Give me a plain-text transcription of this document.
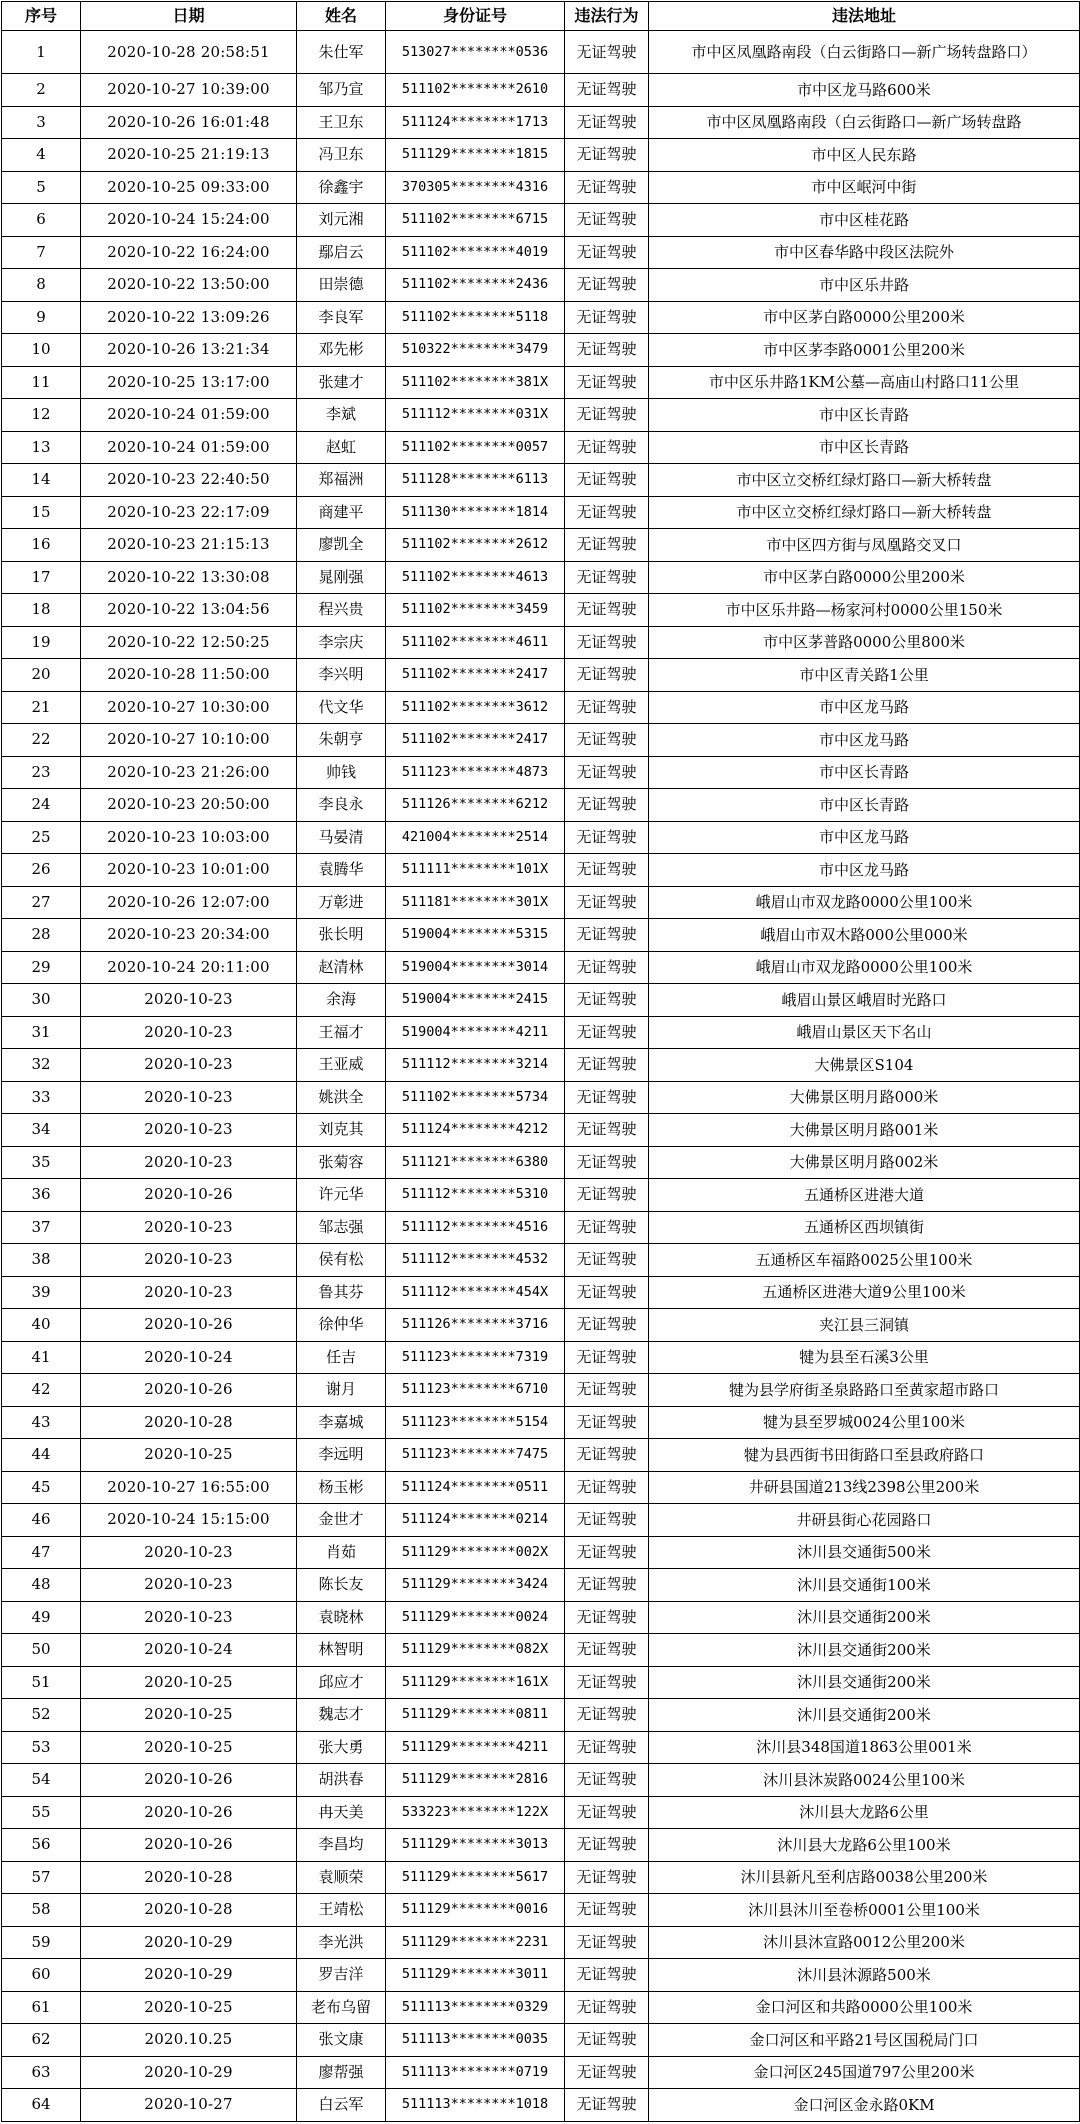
序号	日期	姓名	身份证号	违法行为	违法地址
1	2020-10-28 20:58:51	朱仕军	513027********0536	无证驾驶	市中区凤凰路南段（白云街路口—新广场转盘路口）
2	2020-10-27 10:39:00	邹乃宣	511102********2610	无证驾驶	市中区龙马路600米
3	2020-10-26 16:01:48	王卫东	511124********1713	无证驾驶	市中区凤凰路南段（白云街路口—新广场转盘路
4	2020-10-25 21:19:13	冯卫东	511129********1815	无证驾驶	市中区人民东路
5	2020-10-25 09:33:00	徐鑫宇	370305********4316	无证驾驶	市中区岷河中街
6	2020-10-24 15:24:00	刘元湘	511102********6715	无证驾驶	市中区桂花路
7	2020-10-22 16:24:00	鄢启云	511102********4019	无证驾驶	市中区春华路中段区法院外
8	2020-10-22 13:50:00	田崇德	511102********2436	无证驾驶	市中区乐井路
9	2020-10-22 13:09:26	李良军	511102********5118	无证驾驶	市中区茅白路0000公里200米
10	2020-10-26 13:21:34	邓先彬	510322********3479	无证驾驶	市中区茅李路0001公里200米
11	2020-10-25 13:17:00	张建才	511102********381X	无证驾驶	市中区乐井路1KM公墓—高庙山村路口11公里
12	2020-10-24 01:59:00	李斌	511112********031X	无证驾驶	市中区长青路
13	2020-10-24 01:59:00	赵虹	511102********0057	无证驾驶	市中区长青路
14	2020-10-23 22:40:50	郑福洲	511128********6113	无证驾驶	市中区立交桥红绿灯路口—新大桥转盘
15	2020-10-23 22:17:09	商建平	511130********1814	无证驾驶	市中区立交桥红绿灯路口—新大桥转盘
16	2020-10-23 21:15:13	廖凯全	511102********2612	无证驾驶	市中区四方街与凤凰路交叉口
17	2020-10-22 13:30:08	晁刚强	511102********4613	无证驾驶	市中区茅白路0000公里200米
18	2020-10-22 13:04:56	程兴贵	511102********3459	无证驾驶	市中区乐井路—杨家河村0000公里150米
19	2020-10-22 12:50:25	李宗庆	511102********4611	无证驾驶	市中区茅普路0000公里800米
20	2020-10-28 11:50:00	李兴明	511102********2417	无证驾驶	市中区青关路1公里
21	2020-10-27 10:30:00	代文华	511102********3612	无证驾驶	市中区龙马路
22	2020-10-27 10:10:00	朱朝亨	511102********2417	无证驾驶	市中区龙马路
23	2020-10-23 21:26:00	帅钱	511123********4873	无证驾驶	市中区长青路
24	2020-10-23 20:50:00	李良永	511126********6212	无证驾驶	市中区长青路
25	2020-10-23 10:03:00	马晏清	421004********2514	无证驾驶	市中区龙马路
26	2020-10-23 10:01:00	袁腾华	511111********101X	无证驾驶	市中区龙马路
27	2020-10-26 12:07:00	万彰进	511181********301X	无证驾驶	峨眉山市双龙路0000公里100米
28	2020-10-23 20:34:00	张长明	519004********5315	无证驾驶	峨眉山市双木路000公里000米
29	2020-10-24 20:11:00	赵清林	519004********3014	无证驾驶	峨眉山市双龙路0000公里100米
30	2020-10-23	余海	519004********2415	无证驾驶	峨眉山景区峨眉时光路口
31	2020-10-23	王福才	519004********4211	无证驾驶	峨眉山景区天下名山
32	2020-10-23	王亚威	511112********3214	无证驾驶	大佛景区S104
33	2020-10-23	姚洪全	511102********5734	无证驾驶	大佛景区明月路000米
34	2020-10-23	刘克其	511124********4212	无证驾驶	大佛景区明月路001米
35	2020-10-23	张菊容	511121********6380	无证驾驶	大佛景区明月路002米
36	2020-10-26	许元华	511112********5310	无证驾驶	五通桥区进港大道
37	2020-10-23	邹志强	511112********4516	无证驾驶	五通桥区西坝镇街
38	2020-10-23	侯有松	511112********4532	无证驾驶	五通桥区车福路0025公里100米
39	2020-10-23	鲁其芬	511112********454X	无证驾驶	五通桥区进港大道9公里100米
40	2020-10-26	徐仲华	511126********3716	无证驾驶	夹江县三洞镇
41	2020-10-24	任吉	511123********7319	无证驾驶	犍为县至石溪3公里
42	2020-10-26	谢月	511123********6710	无证驾驶	犍为县学府街圣泉路路口至黄家超市路口
43	2020-10-28	李嘉城	511123********5154	无证驾驶	犍为县至罗城0024公里100米
44	2020-10-25	李远明	511123********7475	无证驾驶	犍为县西街书田街路口至县政府路口
45	2020-10-27 16:55:00	杨玉彬	511124********0511	无证驾驶	井研县国道213线2398公里200米
46	2020-10-24 15:15:00	金世才	511124********0214	无证驾驶	井研县街心花园路口
47	2020-10-23	肖茹	511129********002X	无证驾驶	沐川县交通街500米
48	2020-10-23	陈长友	511129********3424	无证驾驶	沐川县交通街100米
49	2020-10-23	袁晓林	511129********0024	无证驾驶	沐川县交通街200米
50	2020-10-24	林智明	511129********082X	无证驾驶	沐川县交通街200米
51	2020-10-25	邱应才	511129********161X	无证驾驶	沐川县交通街200米
52	2020-10-25	魏志才	511129********0811	无证驾驶	沐川县交通街200米
53	2020-10-25	张大勇	511129********4211	无证驾驶	沐川县348国道1863公里001米
54	2020-10-26	胡洪春	511129********2816	无证驾驶	沐川县沐炭路0024公里100米
55	2020-10-26	冉天美	533223********122X	无证驾驶	沐川县大龙路6公里
56	2020-10-26	李昌均	511129********3013	无证驾驶	沐川县大龙路6公里100米
57	2020-10-28	袁顺荣	511129********5617	无证驾驶	沐川县新凡至利店路0038公里200米
58	2020-10-28	王靖松	511129********0016	无证驾驶	沐川县沐川至卷桥0001公里100米
59	2020-10-29	李光洪	511129********2231	无证驾驶	沐川县沐宣路0012公里200米
60	2020-10-29	罗吉洋	511129********3011	无证驾驶	沐川县沐源路500米
61	2020-10-25	老布乌留	511113********0329	无证驾驶	金口河区和共路0000公里100米
62	2020.10.25	张文康	511113********0035	无证驾驶	金口河区和平路21号区国税局门口
63	2020-10-29	廖帮强	511113********0719	无证驾驶	金口河区245国道797公里200米
64	2020-10-27	白云军	511113********1018	无证驾驶	金口河区金永路0KM
